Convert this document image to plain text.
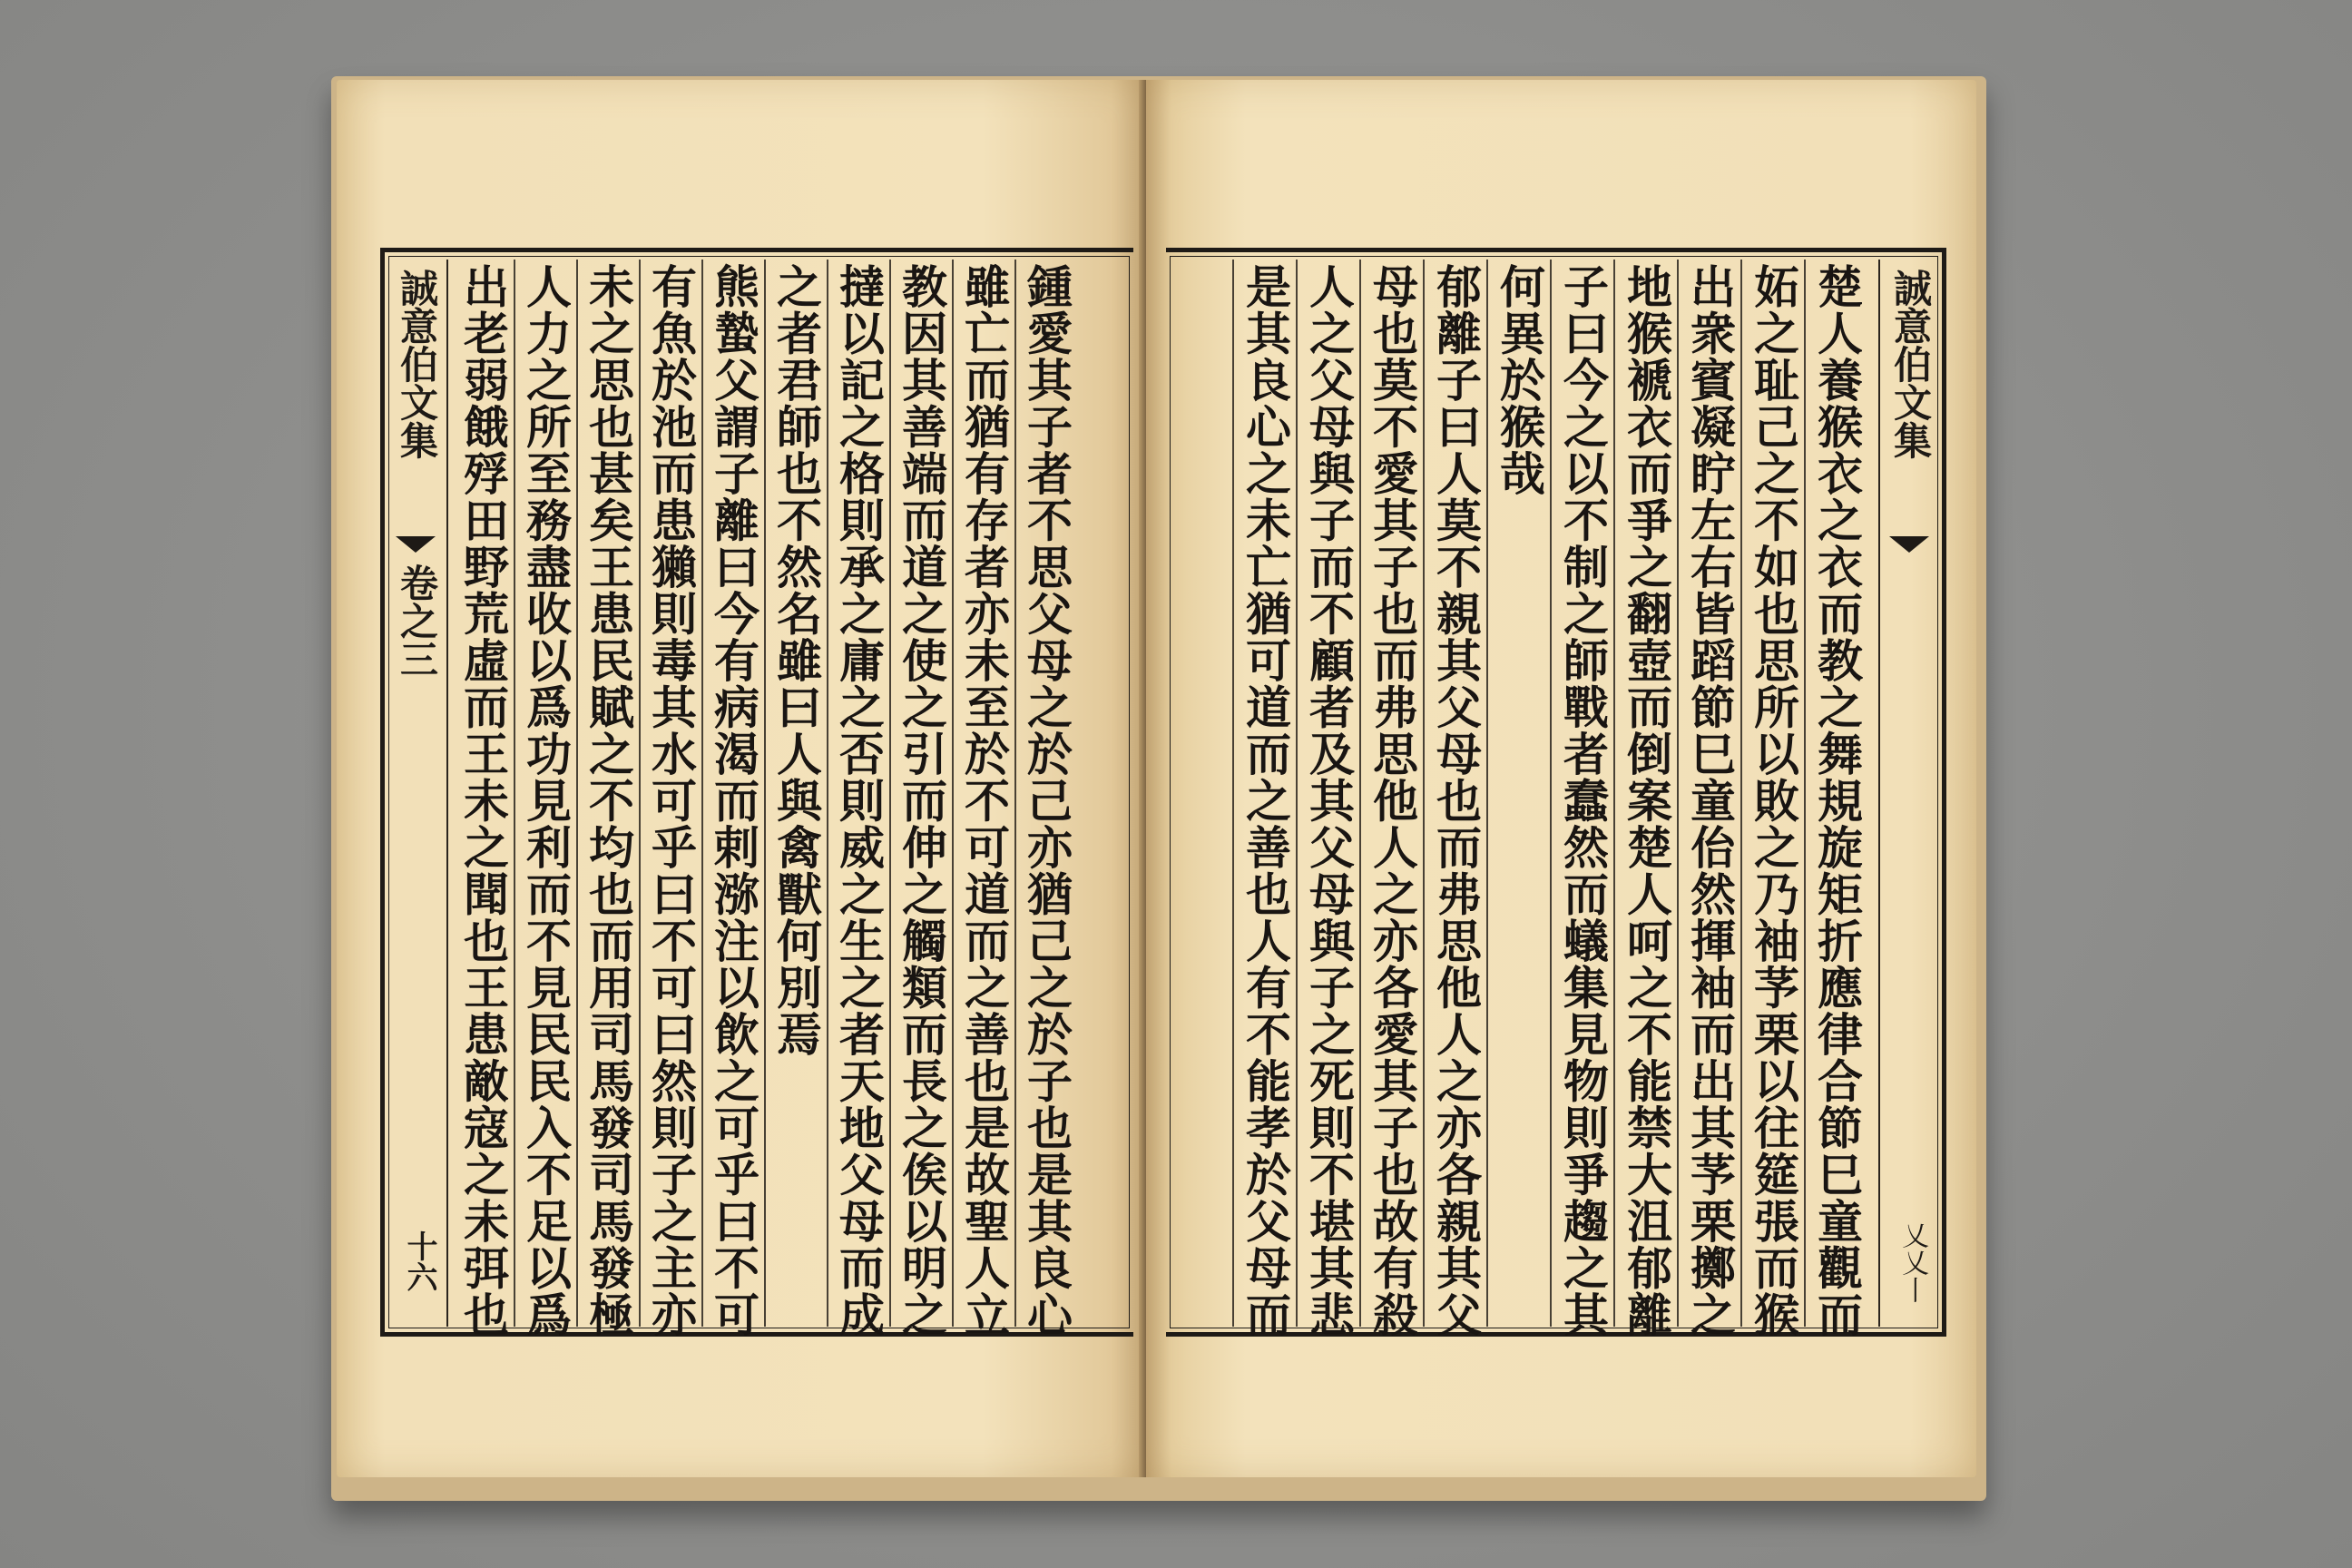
鍾愛其子者不思父母之於己亦猶己之於子也是其良心
雖亡而猶有存者亦未至於不可道而之善也是故聖人立
教因其善端而道之使之引而伸之觸類而長之俟以明之
撻以記之格則承之庸之否則威之生之者天地父母而成
之者君師也不然名雖曰人與禽獸何別焉
熊蟄父謂子離曰今有病渴而剌㳽注以飲之可乎曰不可
有魚於池而患獺則毒其水可乎曰不可曰然則子之主亦
未之思也甚矣王患民賦之不均也而用司馬發司馬發極
人力之所至務盡收以爲功見利而不見民民入不足以爲
出老弱餓殍田野荒虛而王未之聞也王患敵寇之未弭也
誠意伯文集
卷之三
十六	楚人養猴衣之衣而教之舞規旋矩折應律合節巳童觀而
妬之耻己之不如也思所以敗之乃袖芧栗以往筵張而猴
出衆賓凝眝左右皆蹈節巳童佁然揮袖而出其芧栗擲之
地猴褫衣而爭之翻壺而倒案楚人呵之不能禁大沮郁離
子曰今之以不制之師戰者蠢然而蟻集見物則爭趨之其
何異於猴哉
郁離子曰人莫不親其父母也而弗思他人之亦各親其父
母也莫不愛其子也而弗思他人之亦各愛其子也故有殺
人之父母與子而不顧者及其父母與子之死則不堪其悲
是其良心之未亡猶可道而之善也人有不能孝於父母而	誠意伯文集
乂乂丨
